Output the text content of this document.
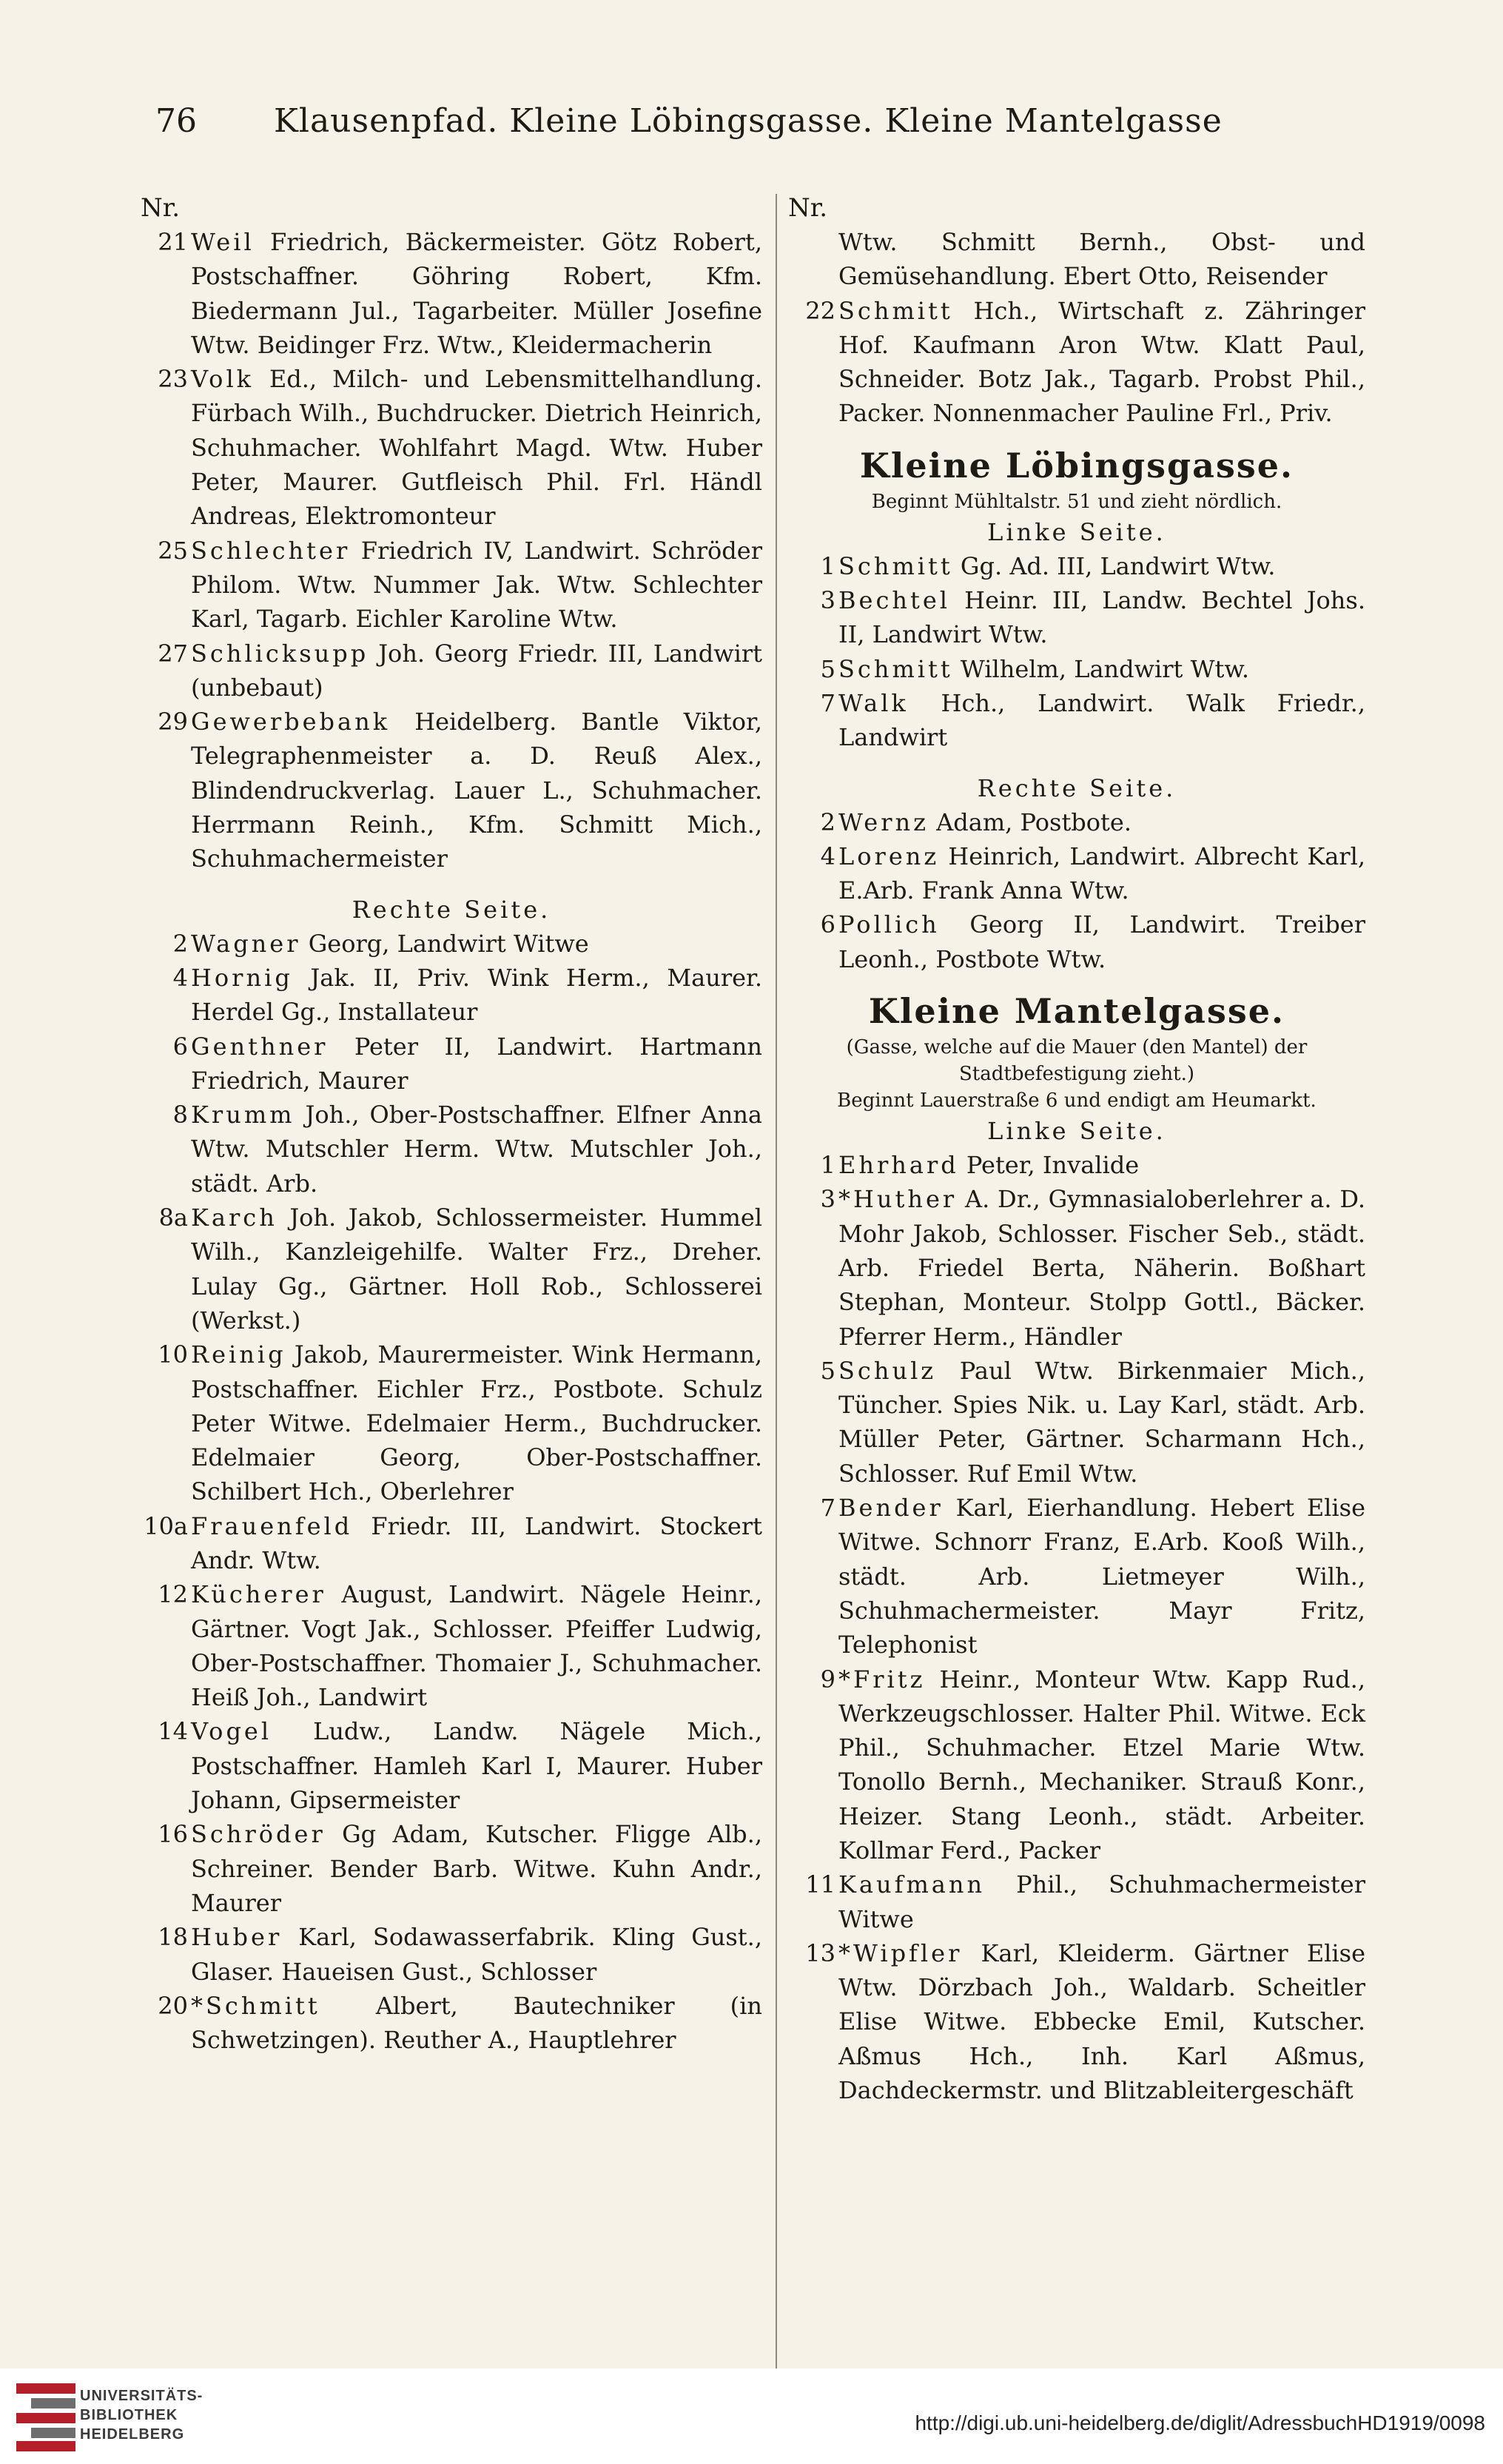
76 Klausenpfad. Kleine Löbingsgasse. Kleine Mantelgasse
Nr.
21 Weil Friedrich, Bäckermeister. Götz Robert, Postschaffner. Göhring Robert, Kfm. Biedermann Jul., Tagarbeiter. Müller Josefine Wtw. Beidinger Frz. Wtw., Kleidermacherin
23 Volk Ed., Milch- und Lebensmittelhandlung. Fürbach Wilh., Buchdrucker. Dietrich Heinrich, Schuhmacher. Wohlfahrt Magd. Wtw. Huber Peter, Maurer. Gutfleisch Phil. Frl. Händl Andreas, Elektromonteur
25 Schlechter Friedrich IV, Landwirt. Schröder Philom. Wtw. Nummer Jak. Wtw. Schlechter Karl, Tagarb. Eichler Karoline Wtw.
27 Schlicksupp Joh. Georg Friedr. III, Landwirt (unbebaut)
29 Gewerbebank Heidelberg. Bantle Viktor, Telegraphenmeister a. D. Reuß Alex., Blindendruckverlag. Lauer L., Schuhmacher. Herrmann Reinh., Kfm. Schmitt Mich., Schuhmachermeister
Rechte Seite.
2 Wagner Georg, Landwirt Witwe
4 Hornig Jak. II, Priv. Wink Herm., Maurer. Herdel Gg., Installateur
6 Genthner Peter II, Landwirt. Hartmann Friedrich, Maurer
8 Krumm Joh., Ober-Postschaffner. Elfner Anna Wtw. Mutschler Herm. Wtw. Mutschler Joh., städt. Arb.
8a Karch Joh. Jakob, Schlossermeister. Hummel Wilh., Kanzleigehilfe. Walter Frz., Dreher. Lulay Gg., Gärtner. Holl Rob., Schlosserei (Werkst.)
10 Reinig Jakob, Maurermeister. Wink Hermann, Postschaffner. Eichler Frz., Postbote. Schulz Peter Witwe. Edelmaier Herm., Buchdrucker. Edelmaier Georg, Ober-Postschaffner. Schilbert Hch., Oberlehrer
10a Frauenfeld Friedr. III, Landwirt. Stockert Andr. Wtw.
12 Kücherer August, Landwirt. Nägele Heinr., Gärtner. Vogt Jak., Schlosser. Pfeiffer Ludwig, Ober-Postschaffner. Thomaier J., Schuhmacher. Heiß Joh., Landwirt
14 Vogel Ludw., Landw. Nägele Mich., Postschaffner. Hamleh Karl I, Maurer. Huber Johann, Gipsermeister
16 Schröder Gg Adam, Kutscher. Fligge Alb., Schreiner. Bender Barb. Witwe. Kuhn Andr., Maurer
18 Huber Karl, Sodawasserfabrik. Kling Gust., Glaser. Haueisen Gust., Schlosser
20 *Schmitt Albert, Bautechniker (in Schwetzingen). Reuther A., Hauptlehrer
Nr.
Wtw. Schmitt Bernh., Obst- und Gemüsehandlung. Ebert Otto, Reisender
22 Schmitt Hch., Wirtschaft z. Zähringer Hof. Kaufmann Aron Wtw. Klatt Paul, Schneider. Botz Jak., Tagarb. Probst Phil., Packer. Nonnenmacher Pauline Frl., Priv.
Kleine Löbingsgasse.
Beginnt Mühltalstr. 51 und zieht nördlich.
Linke Seite.
1 Schmitt Gg. Ad. III, Landwirt Wtw.
3 Bechtel Heinr. III, Landw. Bechtel Johs. II, Landwirt Wtw.
5 Schmitt Wilhelm, Landwirt Wtw.
7 Walk Hch., Landwirt. Walk Friedr., Landwirt
Rechte Seite.
2 Wernz Adam, Postbote.
4 Lorenz Heinrich, Landwirt. Albrecht Karl, E.Arb. Frank Anna Wtw.
6 Pollich Georg II, Landwirt. Treiber Leonh., Postbote Wtw.
Kleine Mantelgasse.
(Gasse, welche auf die Mauer (den Mantel) der Stadtbefestigung zieht.)
Beginnt Lauerstraße 6 und endigt am Heumarkt.
Linke Seite.
1 Ehrhard Peter, Invalide
3 *Huther A. Dr., Gymnasialoberlehrer a. D. Mohr Jakob, Schlosser. Fischer Seb., städt. Arb. Friedel Berta, Näherin. Boßhart Stephan, Monteur. Stolpp Gottl., Bäcker. Pferrer Herm., Händler
5 Schulz Paul Wtw. Birkenmaier Mich., Tüncher. Spies Nik. u. Lay Karl, städt. Arb. Müller Peter, Gärtner. Scharmann Hch., Schlosser. Ruf Emil Wtw.
7 Bender Karl, Eierhandlung. Hebert Elise Witwe. Schnorr Franz, E.Arb. Kooß Wilh., städt. Arb. Lietmeyer Wilh., Schuhmachermeister. Mayr Fritz, Telephonist
9 *Fritz Heinr., Monteur Wtw. Kapp Rud., Werkzeugschlosser. Halter Phil. Witwe. Eck Phil., Schuhmacher. Etzel Marie Wtw. Tonollo Bernh., Mechaniker. Strauß Konr., Heizer. Stang Leonh., städt. Arbeiter. Kollmar Ferd., Packer
11 Kaufmann Phil., Schuhmachermeister Witwe
13 *Wipfler Karl, Kleiderm. Gärtner Elise Wtw. Dörzbach Joh., Waldarb. Scheitler Elise Witwe. Ebbecke Emil, Kutscher. Aßmus Hch., Inh. Karl Aßmus, Dachdeckermstr. und Blitzableitergeschäft
UNIVERSITÄTS-
BIBLIOTHEK
HEIDELBERG	http://digi.ub.uni-heidelberg.de/diglit/AdressbuchHD1919/0098
